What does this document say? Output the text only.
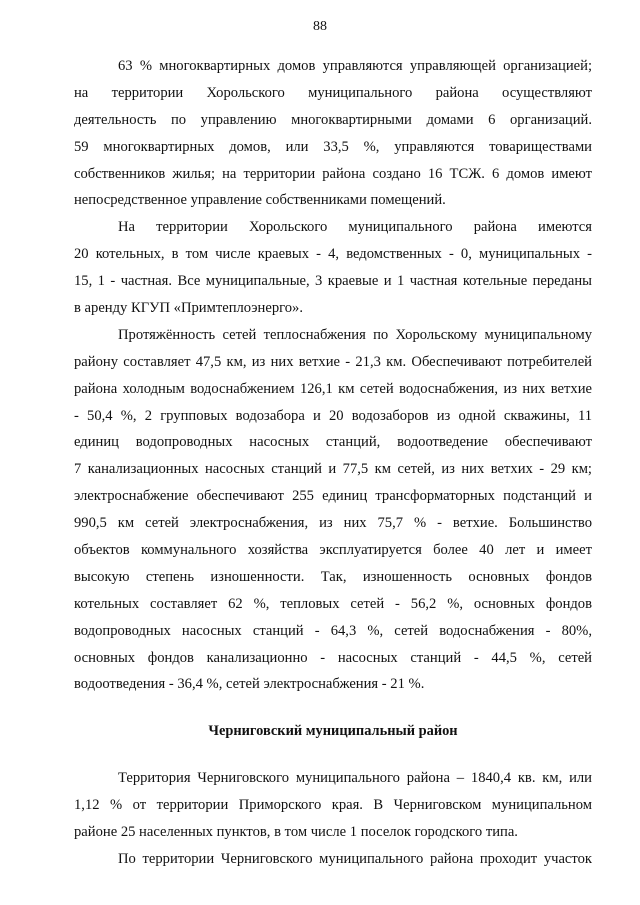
88
63 % многоквартирных домов управляются управляющей организацией;
на территории Хорольского муниципального района осуществляют
деятельность по управлению многоквартирными домами 6 организаций.
59 многоквартирных домов, или 33,5 %, управляются товариществами
собственников жилья; на территории района создано 16 ТСЖ. 6 домов имеют
непосредственное управление собственниками помещений.
На территории Хорольского муниципального района имеются
20 котельных, в том числе краевых - 4, ведомственных - 0, муниципальных -
15, 1 - частная. Все муниципальные, 3 краевые и 1 частная котельные переданы
в аренду КГУП «Примтеплоэнерго».
Протяжённость сетей теплоснабжения по Хорольскому муниципальному
району составляет 47,5 км, из них ветхие - 21,3 км. Обеспечивают потребителей
района холодным водоснабжением 126,1 км сетей водоснабжения, из них ветхие
- 50,4 %, 2 групповых водозабора и 20 водозаборов из одной скважины, 11
единиц водопроводных насосных станций, водоотведение обеспечивают
7 канализационных насосных станций и 77,5 км сетей, из них ветхих - 29 км;
электроснабжение обеспечивают 255 единиц трансформаторных подстанций и
990,5 км сетей электроснабжения, из них 75,7 % - ветхие. Большинство
объектов коммунального хозяйства эксплуатируется более 40 лет и имеет
высокую степень изношенности. Так, изношенность основных фондов
котельных составляет 62 %, тепловых сетей - 56,2 %, основных фондов
водопроводных насосных станций - 64,3 %, сетей водоснабжения - 80%,
основных фондов канализационно - насосных станций - 44,5 %, сетей
водоотведения - 36,4 %, сетей электроснабжения - 21 %.
Черниговский муниципальный район
Территория Черниговского муниципального района – 1840,4 кв. км, или
1,12 % от территории Приморского края. В Черниговском муниципальном
районе 25 населенных пунктов, в том числе 1 поселок городского типа.
По территории Черниговского муниципального района проходит участок
